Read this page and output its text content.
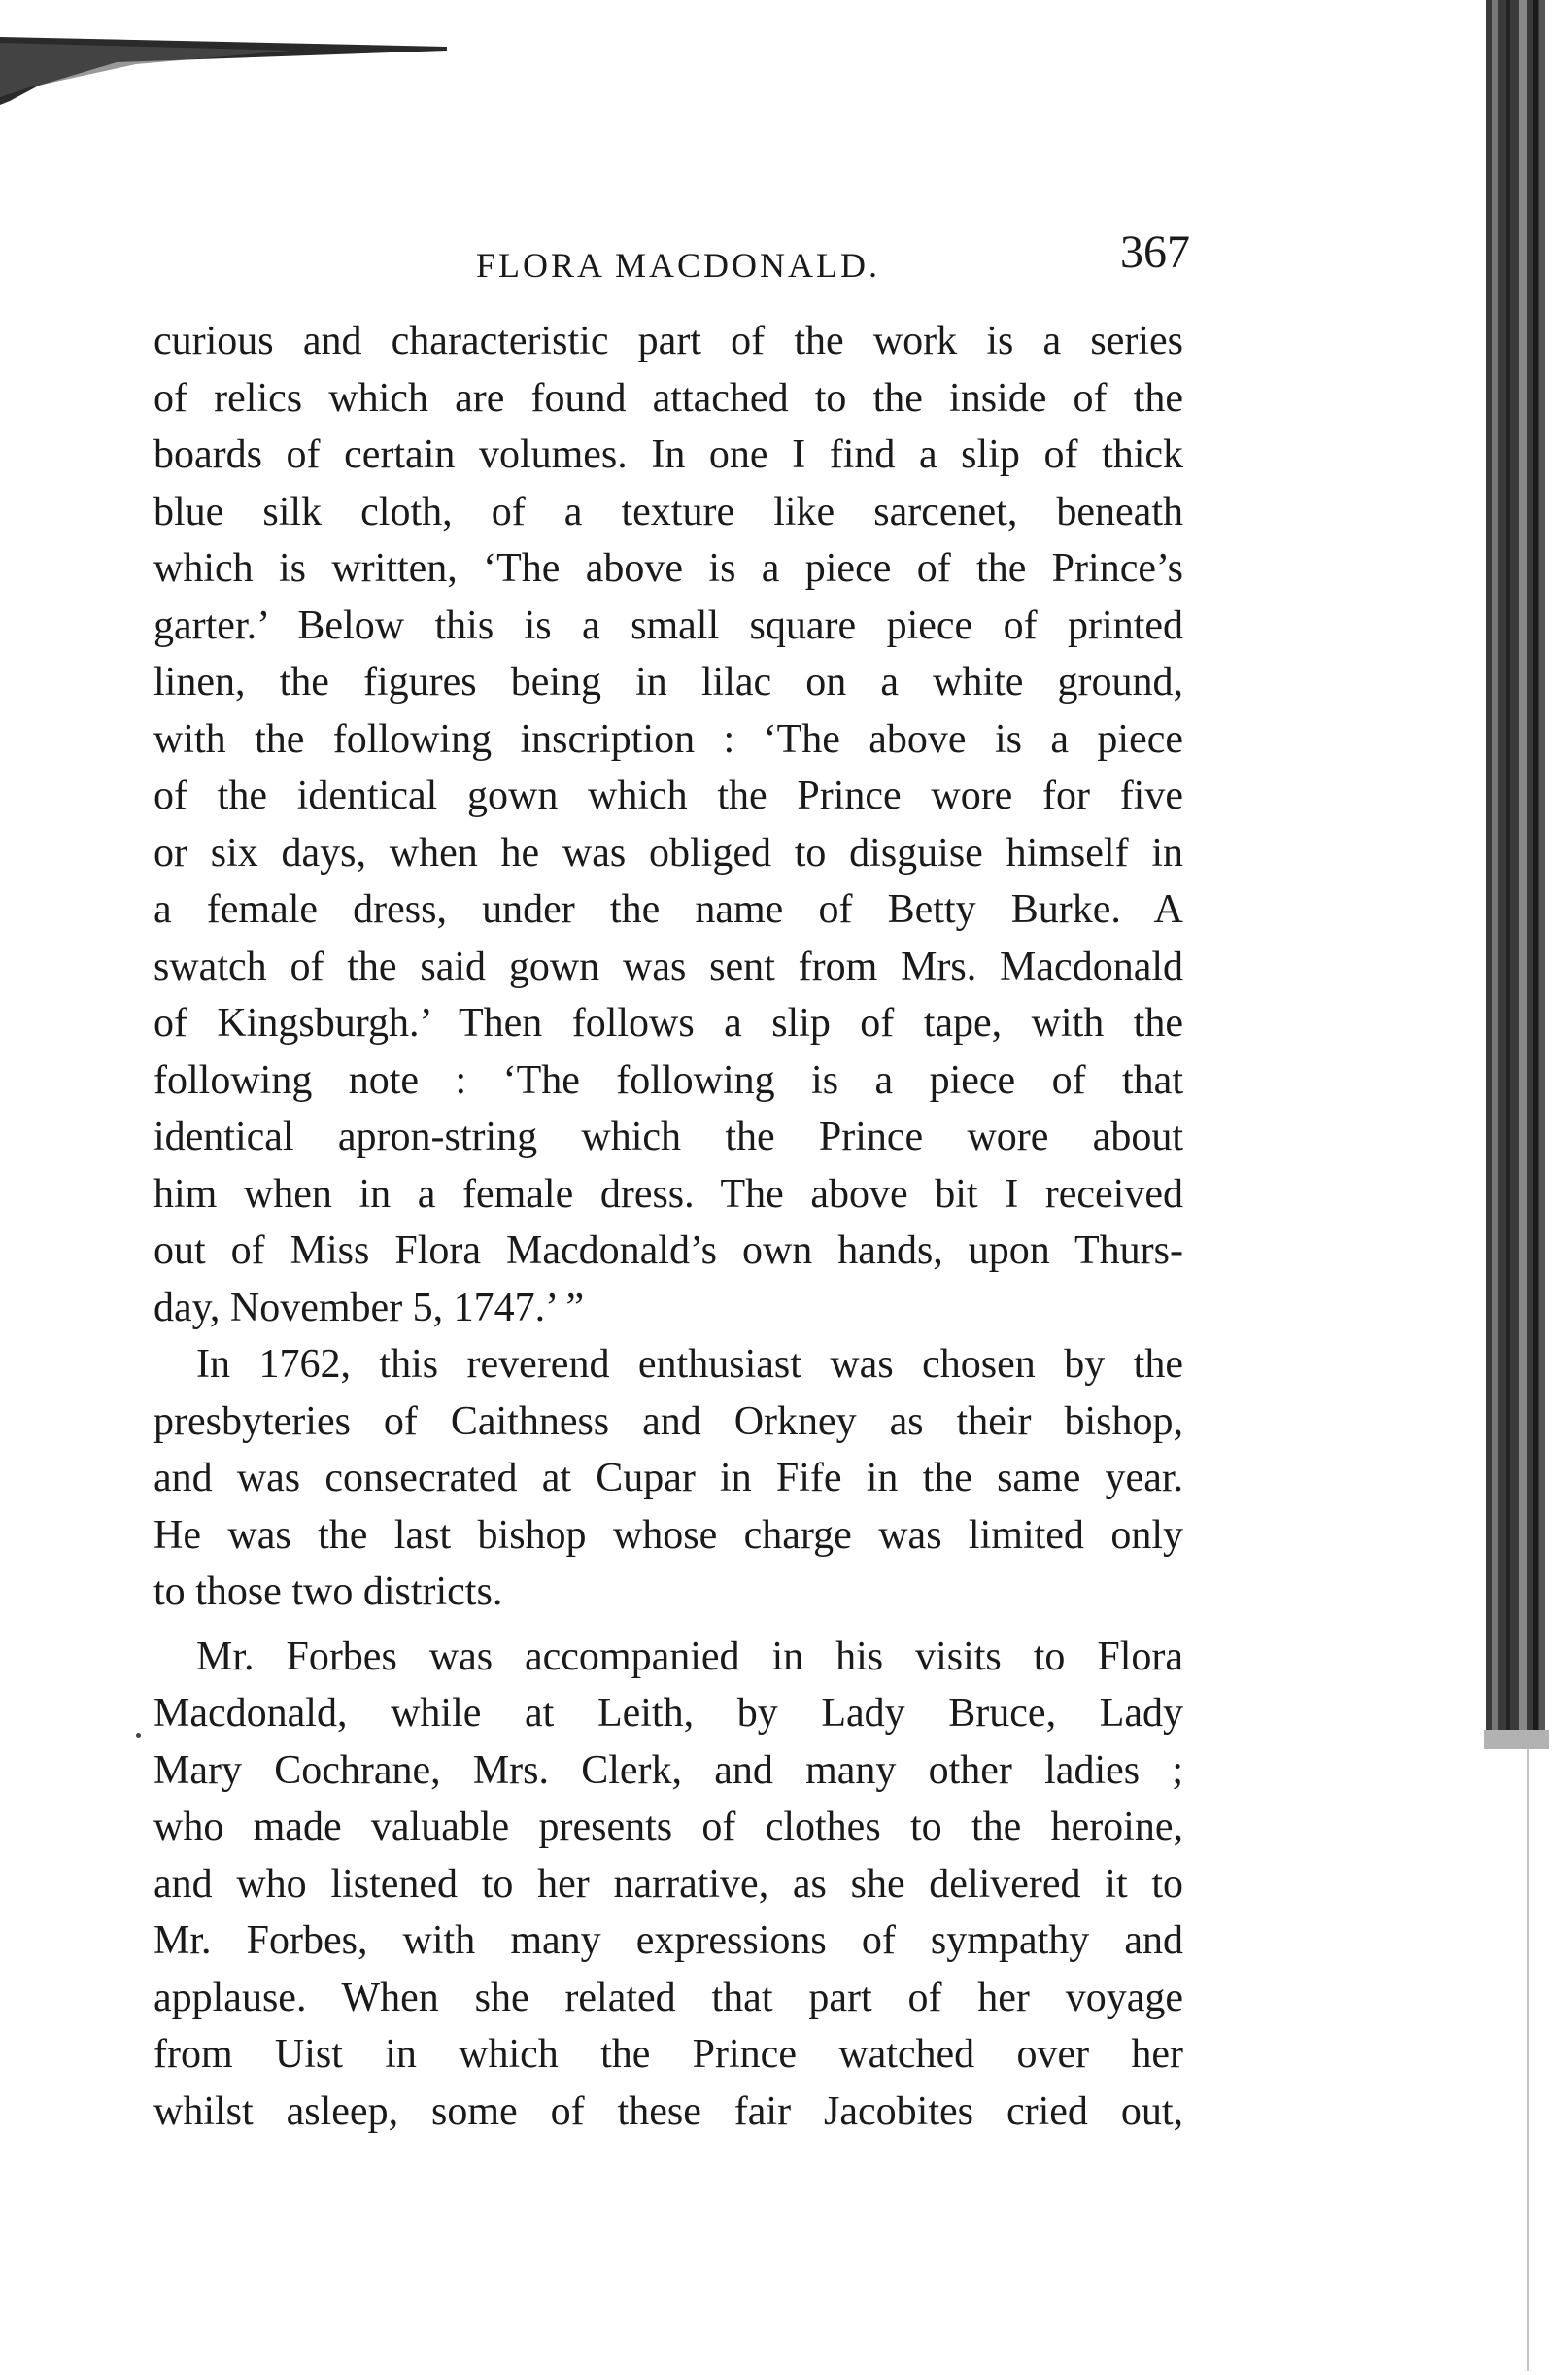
FLORA MACDONALD.	367
curious and characteristic part of the work is a series
of relics which are found attached to the inside of the
boards of certain volumes. In one I find a slip of thick
blue silk cloth, of a texture like sarcenet, beneath
which is written, ‘The above is a piece of the Prince’s
garter.’ Below this is a small square piece of printed
linen, the figures being in lilac on a white ground,
with the following inscription : ‘The above is a piece
of the identical gown which the Prince wore for five
or six days, when he was obliged to disguise himself in
a female dress, under the name of Betty Burke. A
swatch of the said gown was sent from Mrs. Macdonald
of Kingsburgh.’ Then follows a slip of tape, with the
following note : ‘The following is a piece of that
identical apron-string which the Prince wore about
him when in a female dress. The above bit I received
out of Miss Flora Macdonald’s own hands, upon Thurs-
day, November 5, 1747.’ ”
In 1762, this reverend enthusiast was chosen by the
presbyteries of Caithness and Orkney as their bishop,
and was consecrated at Cupar in Fife in the same year.
He was the last bishop whose charge was limited only
to those two districts.
Mr. Forbes was accompanied in his visits to Flora
Macdonald, while at Leith, by Lady Bruce, Lady
Mary Cochrane, Mrs. Clerk, and many other ladies ;
who made valuable presents of clothes to the heroine,
and who listened to her narrative, as she delivered it to
Mr. Forbes, with many expressions of sympathy and
applause. When she related that part of her voyage
from Uist in which the Prince watched over her
whilst asleep, some of these fair Jacobites cried out,
